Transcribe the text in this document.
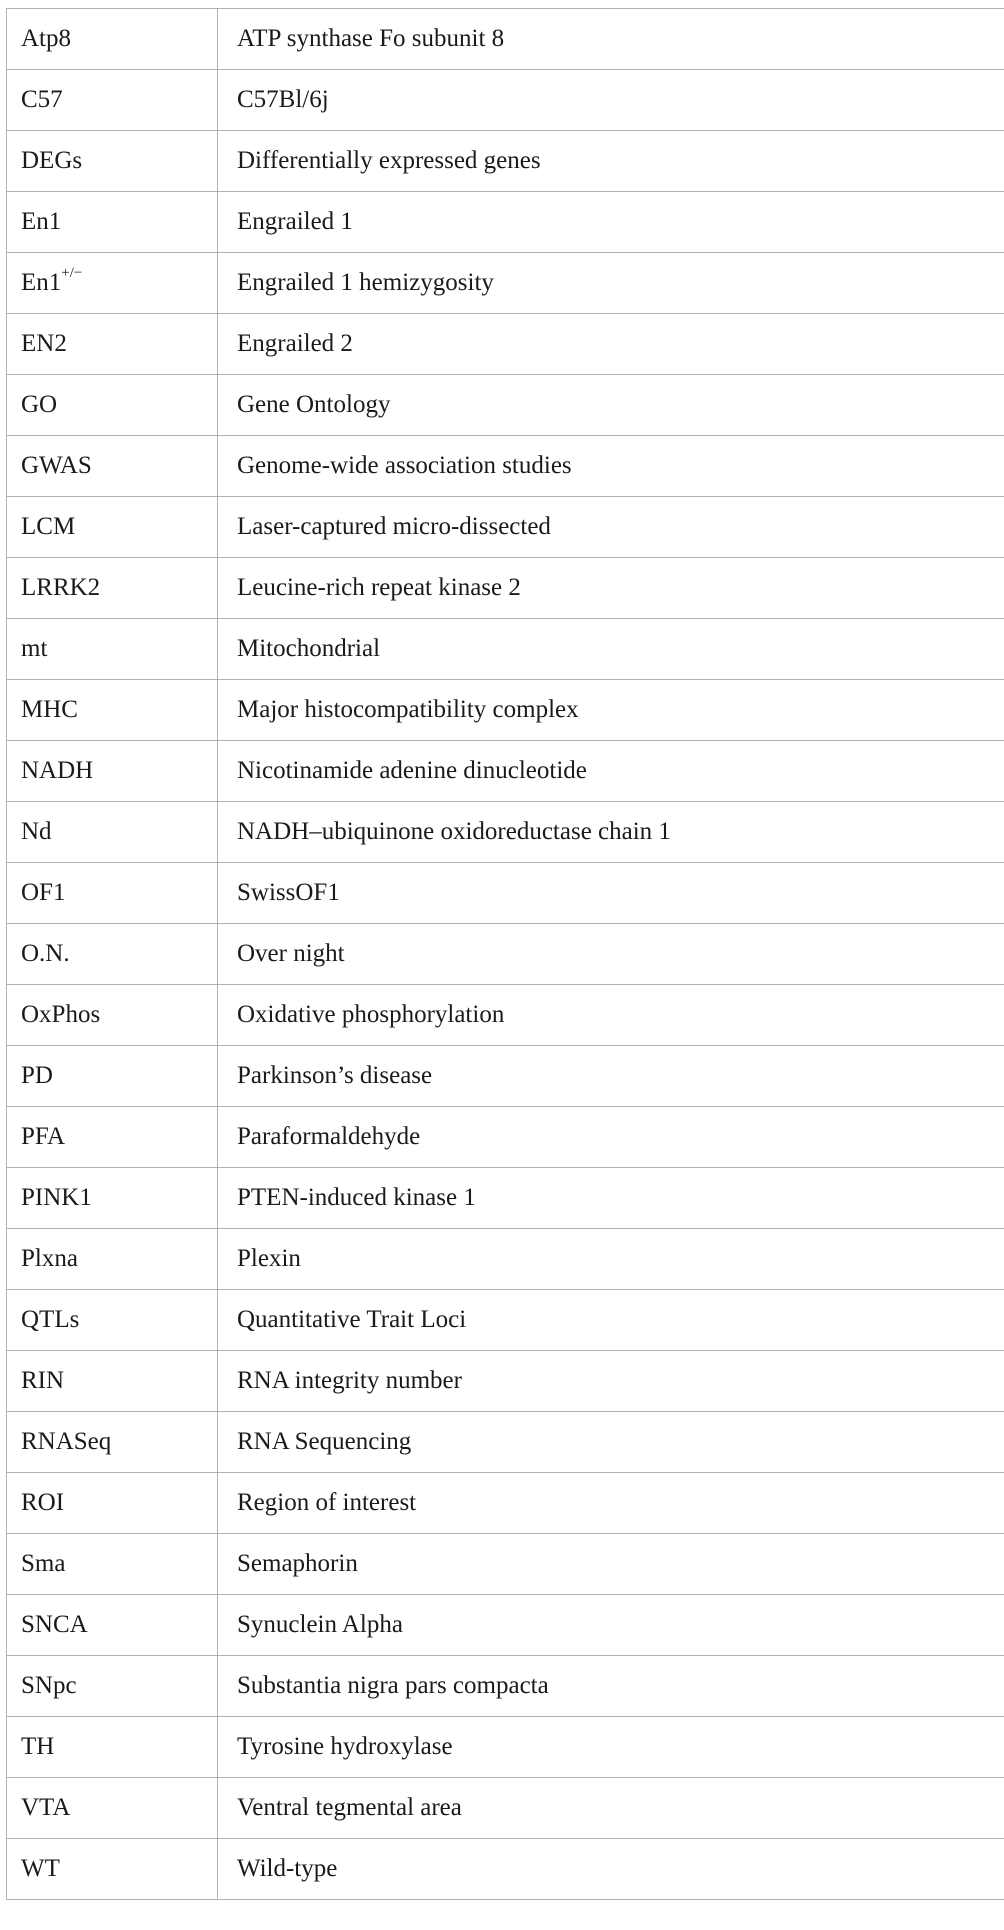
Atp8	ATP synthase Fo subunit 8
C57	C57Bl/6j
DEGs	Differentially expressed genes
En1	Engrailed 1
En1+/−	Engrailed 1 hemizygosity
EN2	Engrailed 2
GO	Gene Ontology
GWAS	Genome-wide association studies
LCM	Laser-captured micro-dissected
LRRK2	Leucine-rich repeat kinase 2
mt	Mitochondrial
MHC	Major histocompatibility complex
NADH	Nicotinamide adenine dinucleotide
Nd	NADH–ubiquinone oxidoreductase chain 1
OF1	SwissOF1
O.N.	Over night
OxPhos	Oxidative phosphorylation
PD	Parkinson’s disease
PFA	Paraformaldehyde
PINK1	PTEN-induced kinase 1
Plxna	Plexin
QTLs	Quantitative Trait Loci
RIN	RNA integrity number
RNASeq	RNA Sequencing
ROI	Region of interest
Sma	Semaphorin
SNCA	Synuclein Alpha
SNpc	Substantia nigra pars compacta
TH	Tyrosine hydroxylase
VTA	Ventral tegmental area
WT	Wild-type
